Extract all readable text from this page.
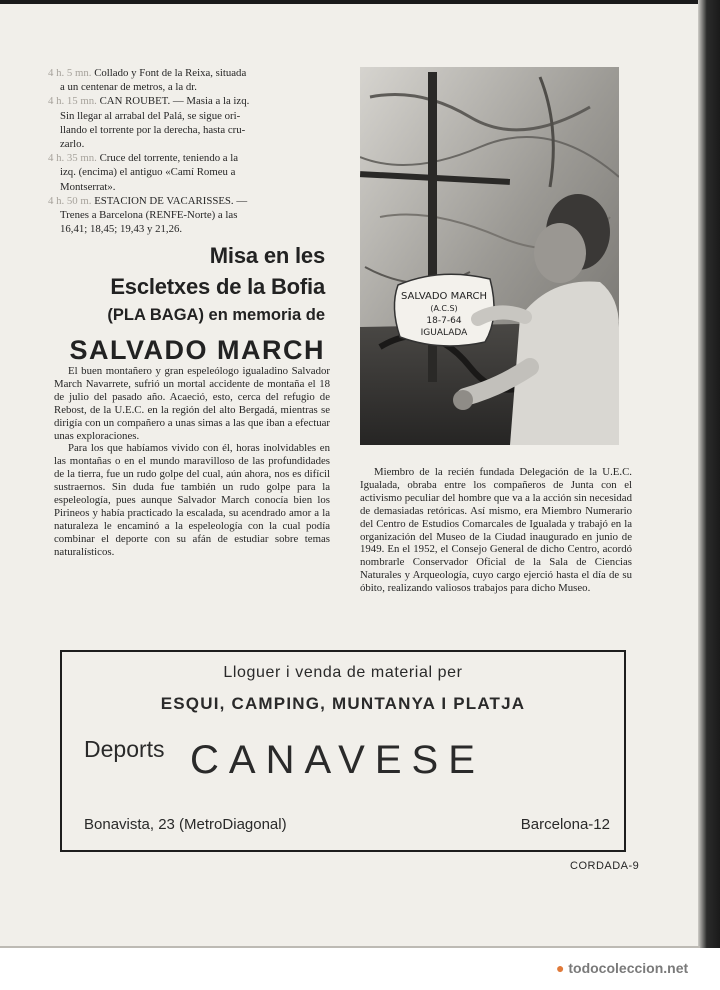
4 h. 5 mn. Collado y Font de la Reixa, situada

a un centenar de metros, a la dr.

4 h. 15 mn. CAN ROUBET. — Masia a la izq.

Sin llegar al arrabal del Palá, se sigue ori-

llando el torrente por la derecha, hasta cru-

zarlo.

4 h. 35 mn. Cruce del torrente, teniendo a la

izq. (encima) el antiguo «Camí Romeu a

Montserrat».

4 h. 50 m. ESTACION DE VACARISSES. —

Trenes a Barcelona (RENFE-Norte) a las

16,41; 18,45; 19,43 y 21,26.

Misa en les
Escletxes de la Bofia
(PLA BAGA) en memoria de
SALVADO MARCH
SALVADO MARCH
(A.C.S)
18-7-64
IGUALADA

El buen montañero y gran espeleólogo igualadino Salvador March Navarrete, sufrió un mortal accidente de montaña el 18 de julio del pasado año. Acaeció, esto, cerca del refugio de Rebost, de la U.E.C. en la región del alto Bergadá, mientras se dirigía con un compañero a unas simas a las que iban a efectuar unas exploraciones.

Para los que habíamos vivido con él, horas inolvidables en las montañas o en el mundo maravilloso de las profundidades de la tierra, fue un rudo golpe del cual, aún ahora, nos es difícil sustraernos. Sin duda fue también un rudo golpe para la espeleología, pues aunque Salvador March conocía bien los Pirineos y había practicado la escalada, su acendrado amor a la naturaleza le encaminó a la espeleología con la cual podía combinar el deporte con su afán de estudiar sobre temas naturalísticos.

Miembro de la recién fundada Delegación de la U.E.C. Igualada, obraba entre los compañeros de Junta con el activismo peculiar del hombre que va a la acción sin necesidad de demasiadas retóricas. Así mismo, era Miembro Numerario del Centro de Estudios Comarcales de Igualada y trabajó en la organización del Museo de la Ciudad inaugurado en junio de 1949. En el 1952, el Consejo General de dicho Centro, acordó nombrarle Conservador Oficial de la Sala de Ciencias Naturales y Arqueología, cuyo cargo ejerció hasta el día de su óbito, realizando valiosos trabajos para dicho Museo.

Lloguer i venda de material per
ESQUI, CAMPING, MUNTANYA I PLATJA
Deports CANAVESE
Bonavista, 23 (MetroDiagonal)	Barcelona-12
CORDADA-9
● todocoleccion.net
